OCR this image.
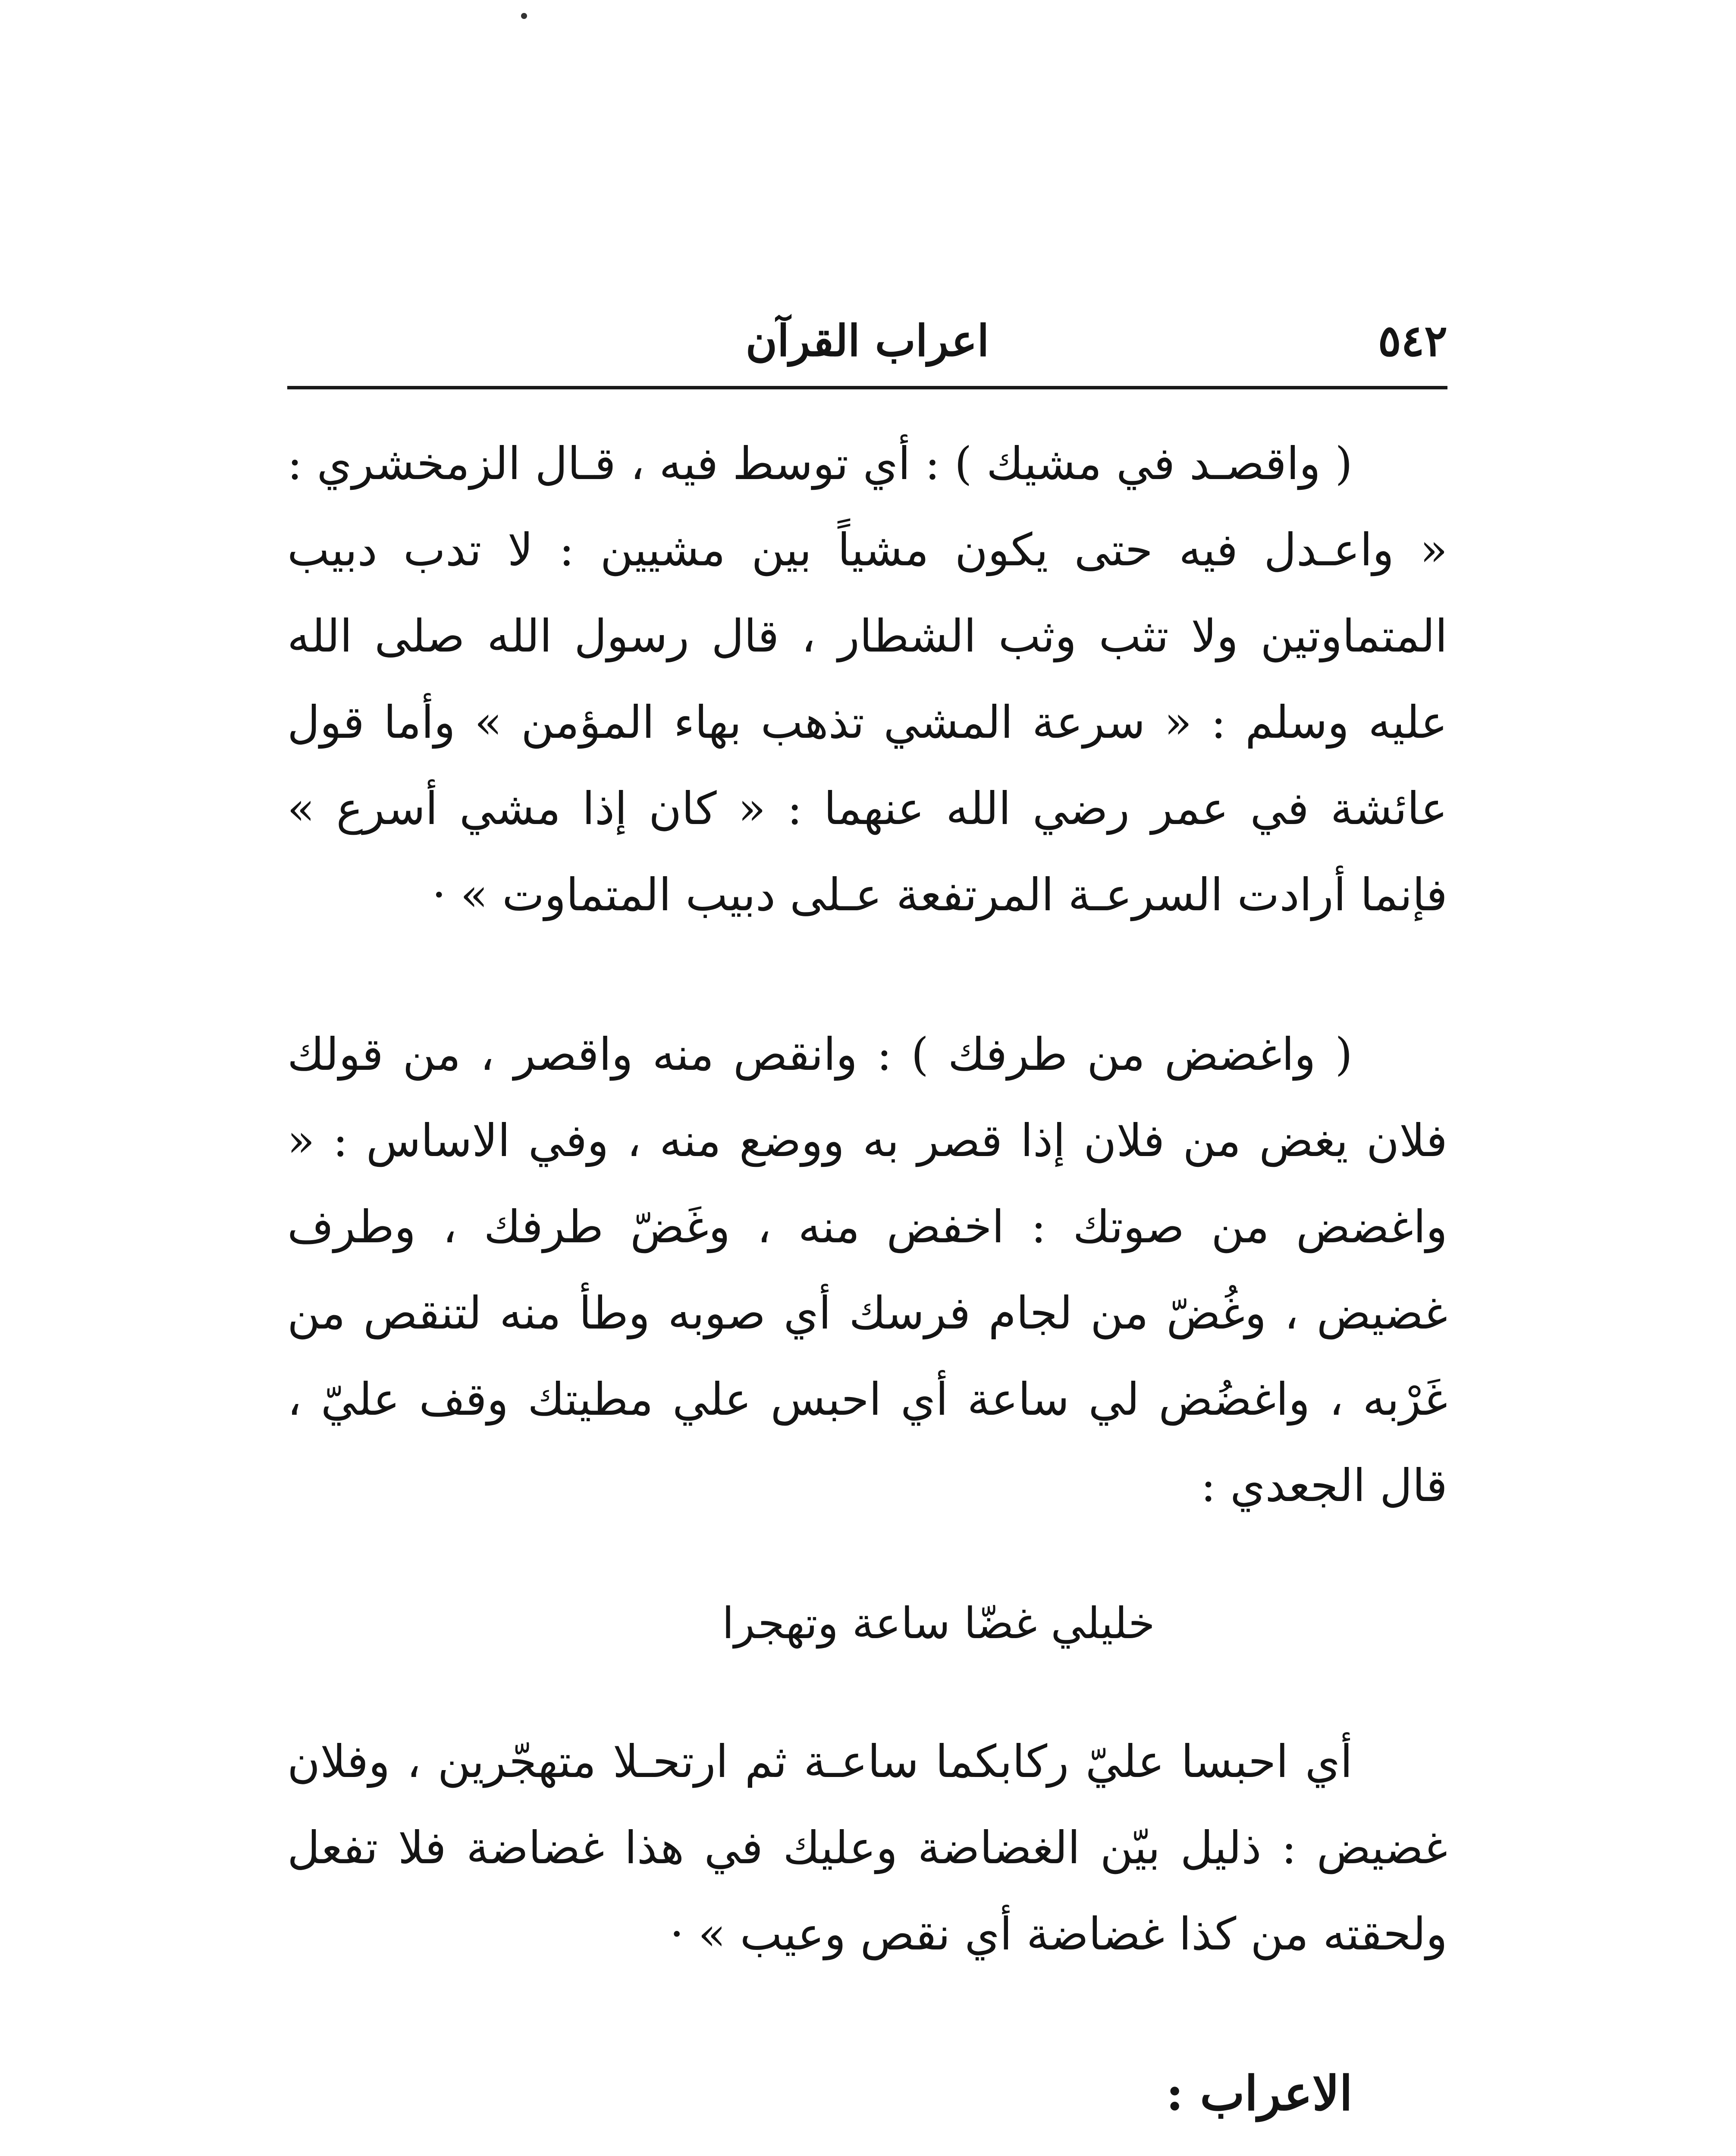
٥٤٢
اعراب القرآن

( واقصـد في مشيك ) : أي توسط فيه ، قـال الزمخشري : « واعـدل فيه حتى يكون مشياً بين مشيين : لا تدب دبيب المتماوتين ولا تثب وثب الشطار ، قال رسول الله صلى الله عليه وسلم : « سرعة المشي تذهب بهاء المؤمن » وأما قول عائشة في عمر رضي الله عنهما : « كان إذا مشي أسرع » فإنما أرادت السرعـة المرتفعة عـلى دبيب المتماوت » ·

( واغضض من طرفك ) : وانقص منه واقصر ، من قولك فلان يغض من فلان إذا قصر به ووضع منه ، وفي الاساس : « واغضض من صوتك : اخفض منه ، وغَضّ طرفك ، وطرف غضيض ، وغُضّ من لجام فرسك أي صوبه وطأ منه لتنقص من غَرْبه ، واغضُض لي ساعة أي احبس علي مطيتك وقف عليّ ، قال الجعدي :

خليلي غضّا ساعة وتهجرا

أي احبسا عليّ ركابكما ساعـة ثم ارتحـلا متهجّرين ، وفلان غضيض : ذليل بيّن الغضاضة وعليك في هذا غضاضة فلا تفعل ولحقته من كذا غضاضة أي نقص وعيب » ·

الاعراب :
